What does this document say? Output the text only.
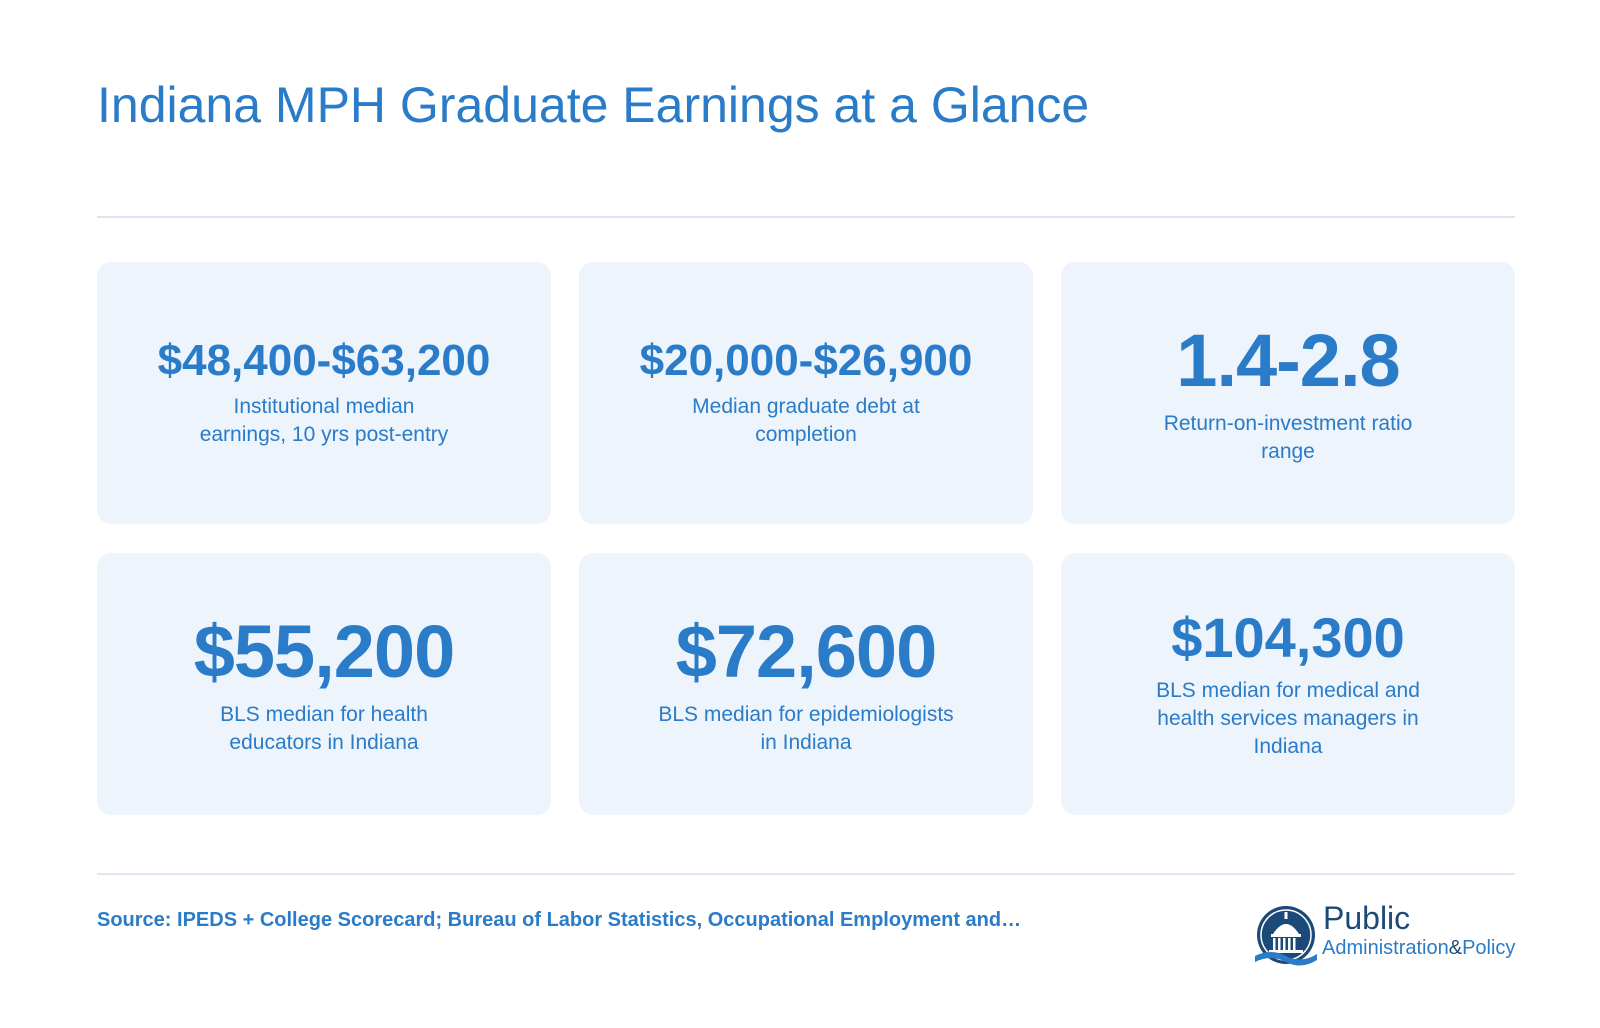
Indiana MPH Graduate Earnings at a Glance
$48,400-$63,200
Institutional median earnings, 10 yrs post-entry
$20,000-$26,900
Median graduate debt at completion
1.4-2.8
Return-on-investment ratio range
$55,200
BLS median for health educators in Indiana
$72,600
BLS median for epidemiologists in Indiana
$104,300
BLS median for medical and health services managers in Indiana
Source: IPEDS + College Scorecard; Bureau of Labor Statistics, Occupational Employment and…	Public
Administration&Policy
